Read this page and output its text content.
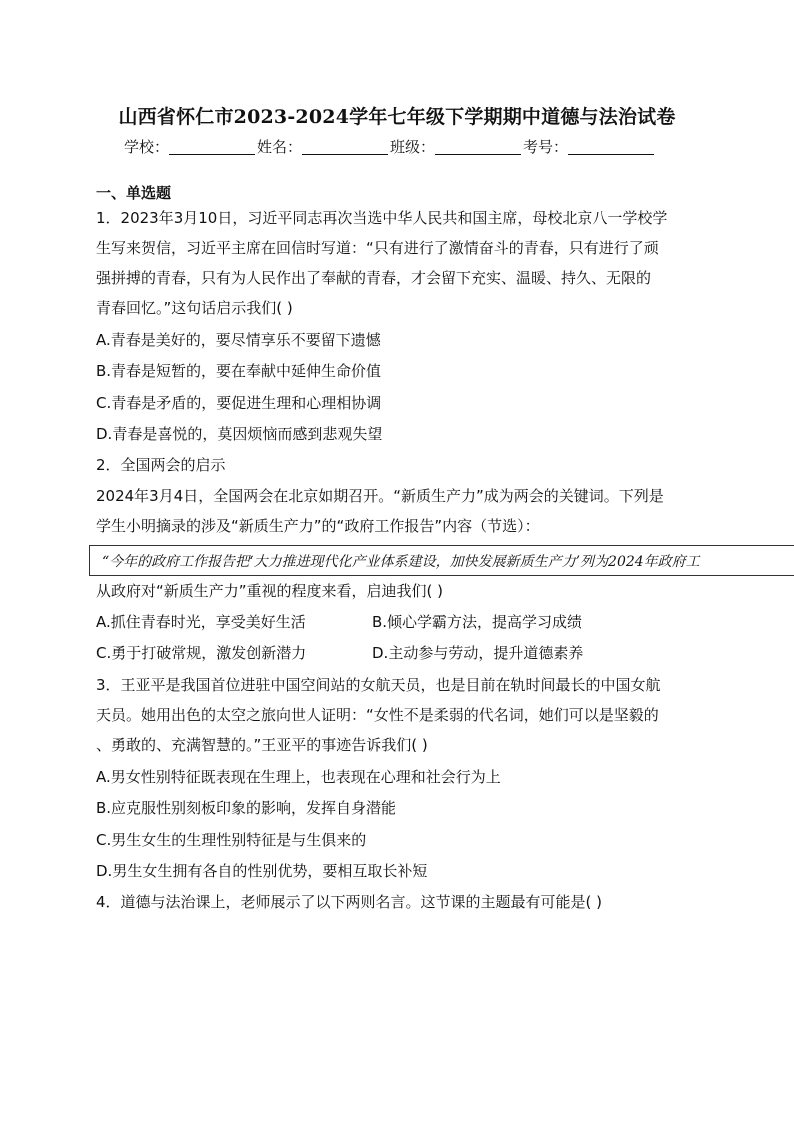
山西省怀仁市2023-2024学年七年级下学期期中道德与法治试卷
学校：	姓名：	班级：	考号：
一、单选题
1．2023年3月10日，习近平同志再次当选中华人民共和国主席，母校北京八一学校学
生写来贺信，习近平主席在回信时写道：“只有进行了激情奋斗的青春，只有进行了顽
强拼搏的青春，只有为人民作出了奉献的青春，才会留下充实、温暖、持久、无限的
青春回忆。”这句话启示我们( )
A.青春是美好的，要尽情享乐不要留下遗憾
B.青春是短暂的，要在奉献中延伸生命价值
C.青春是矛盾的，要促进生理和心理相协调
D.青春是喜悦的，莫因烦恼而感到悲观失望
2．全国两会的启示
2024年3月4日，全国两会在北京如期召开。“新质生产力”成为两会的关键词。下列是
学生小明摘录的涉及“新质生产力”的“政府工作报告”内容（节选）：
“今年的政府工作报告把‘大力推进现代化产业体系建设，加快发展新质生产力’列为2024年政府工
从政府对“新质生产力”重视的程度来看，启迪我们( )
A.抓住青春时光，享受美好生活	B.倾心学霸方法，提高学习成绩
C.勇于打破常规，激发创新潜力	D.主动参与劳动，提升道德素养
3．王亚平是我国首位进驻中国空间站的女航天员，也是目前在轨时间最长的中国女航
天员。她用出色的太空之旅向世人证明：“女性不是柔弱的代名词，她们可以是坚毅的
、勇敢的、充满智慧的。”王亚平的事迹告诉我们( )
A.男女性别特征既表现在生理上，也表现在心理和社会行为上
B.应克服性别刻板印象的影响，发挥自身潜能
C.男生女生的生理性别特征是与生俱来的
D.男生女生拥有各自的性别优势，要相互取长补短
4．道德与法治课上，老师展示了以下两则名言。这节课的主题最有可能是( )
